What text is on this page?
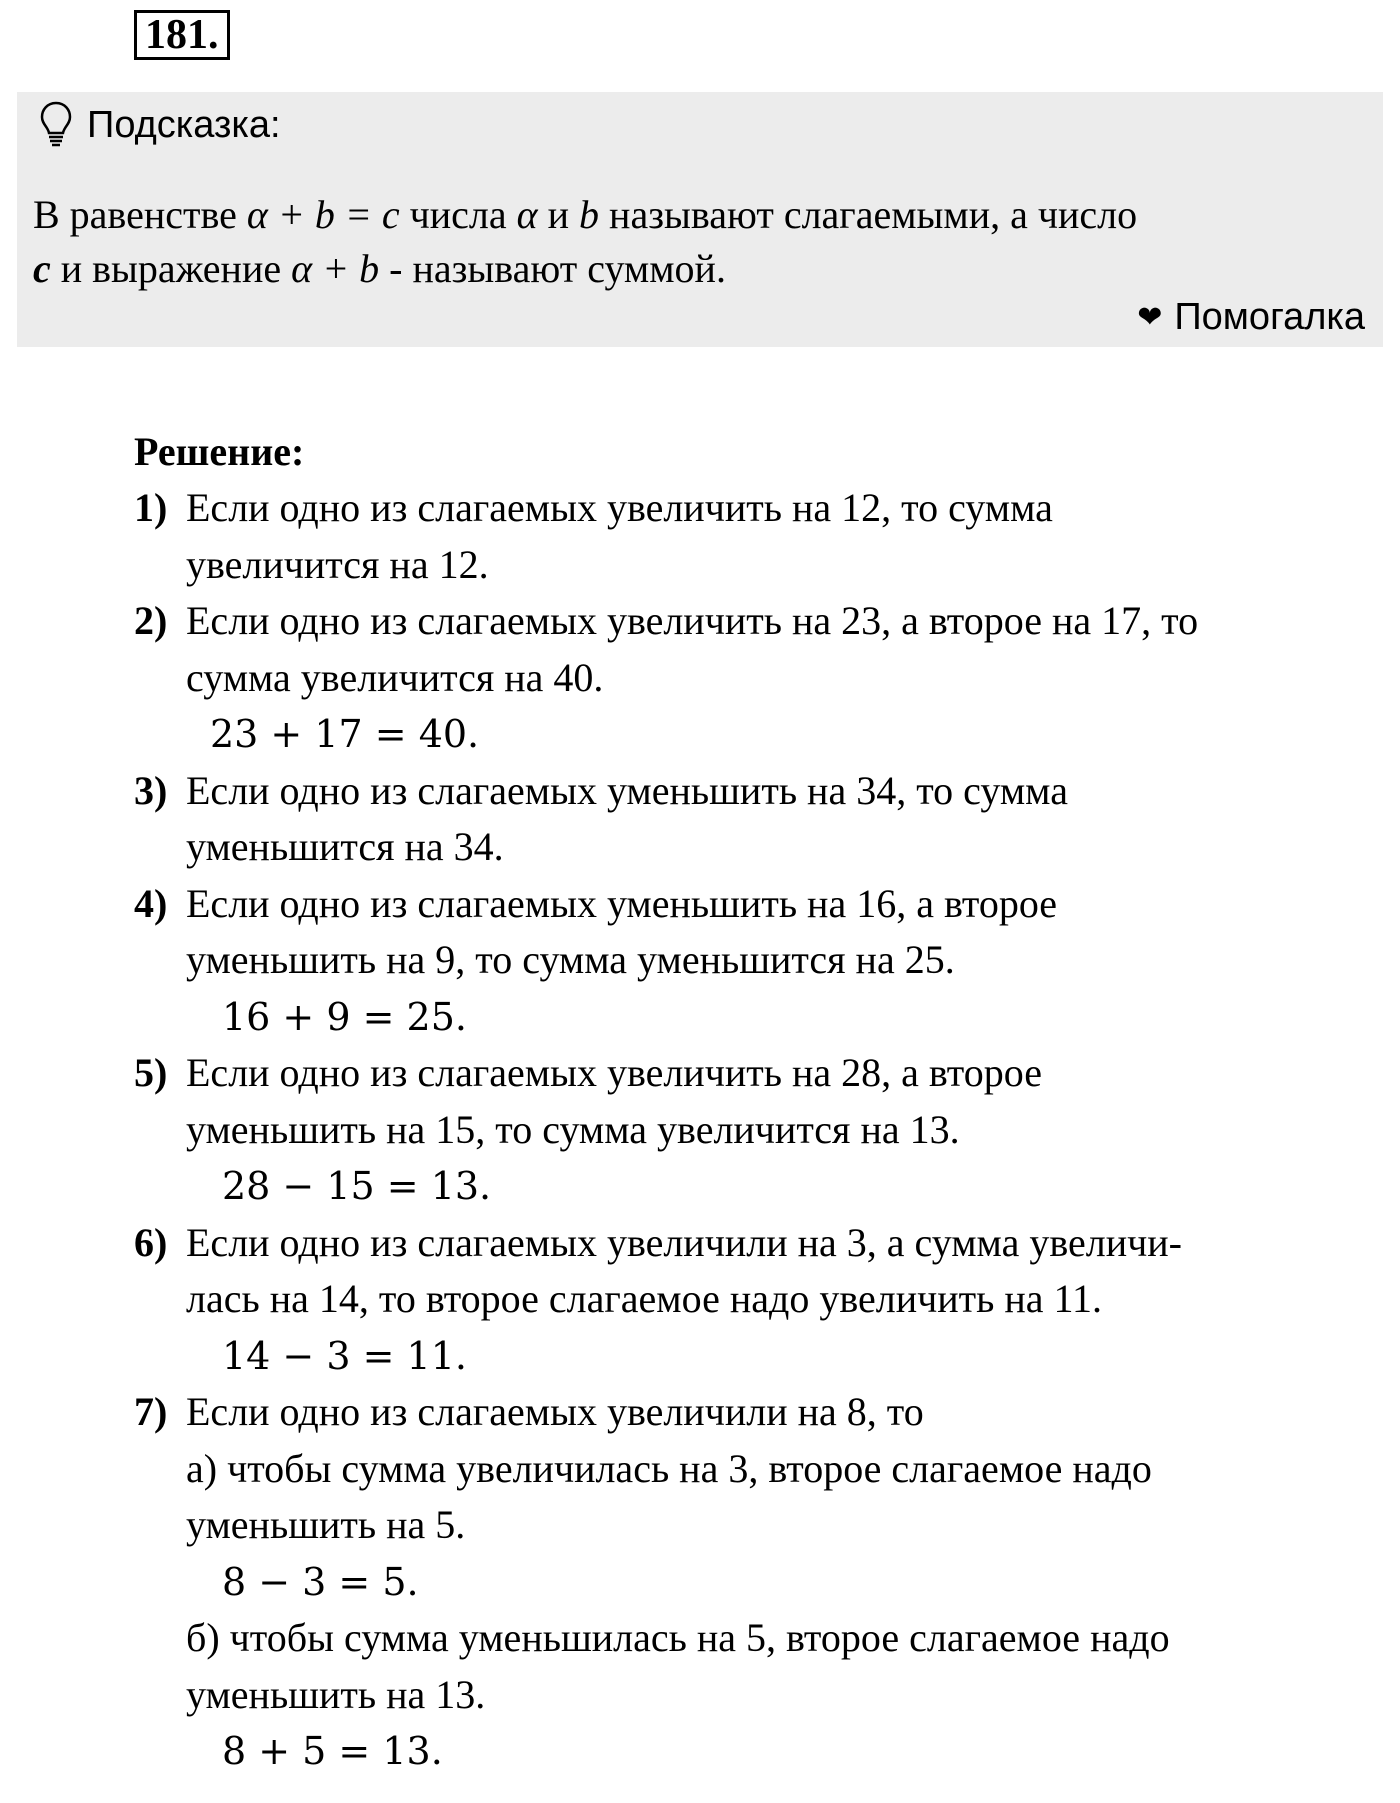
181.
Подсказка:
В равенстве α + b = c числа α и b называют слагаемыми, а число
c и выражение α + b - называют суммой.
❤ Помогалка
Решение:
1) Если одно из слагаемых увеличить на 12, то сумма
увеличится на 12.
2) Если одно из слагаемых увеличить на 23, а второе на 17, то
сумма увеличится на 40.
23 + 17 = 40.
3) Если одно из слагаемых уменьшить на 34, то сумма
уменьшится на 34.
4) Если одно из слагаемых уменьшить на 16, а второе
уменьшить на 9, то сумма уменьшится на 25.
16 + 9 = 25.
5) Если одно из слагаемых увеличить на 28, а второе
уменьшить на 15, то сумма увеличится на 13.
28 − 15 = 13.
6) Если одно из слагаемых увеличили на 3, а сумма увеличи-
лась на 14, то второе слагаемое надо увеличить на 11.
14 − 3 = 11.
7) Если одно из слагаемых увеличили на 8, то
а) чтобы сумма увеличилась на 3, второе слагаемое надо
уменьшить на 5.
8 − 3 = 5.
б) чтобы сумма уменьшилась на 5, второе слагаемое надо
уменьшить на 13.
8 + 5 = 13.
